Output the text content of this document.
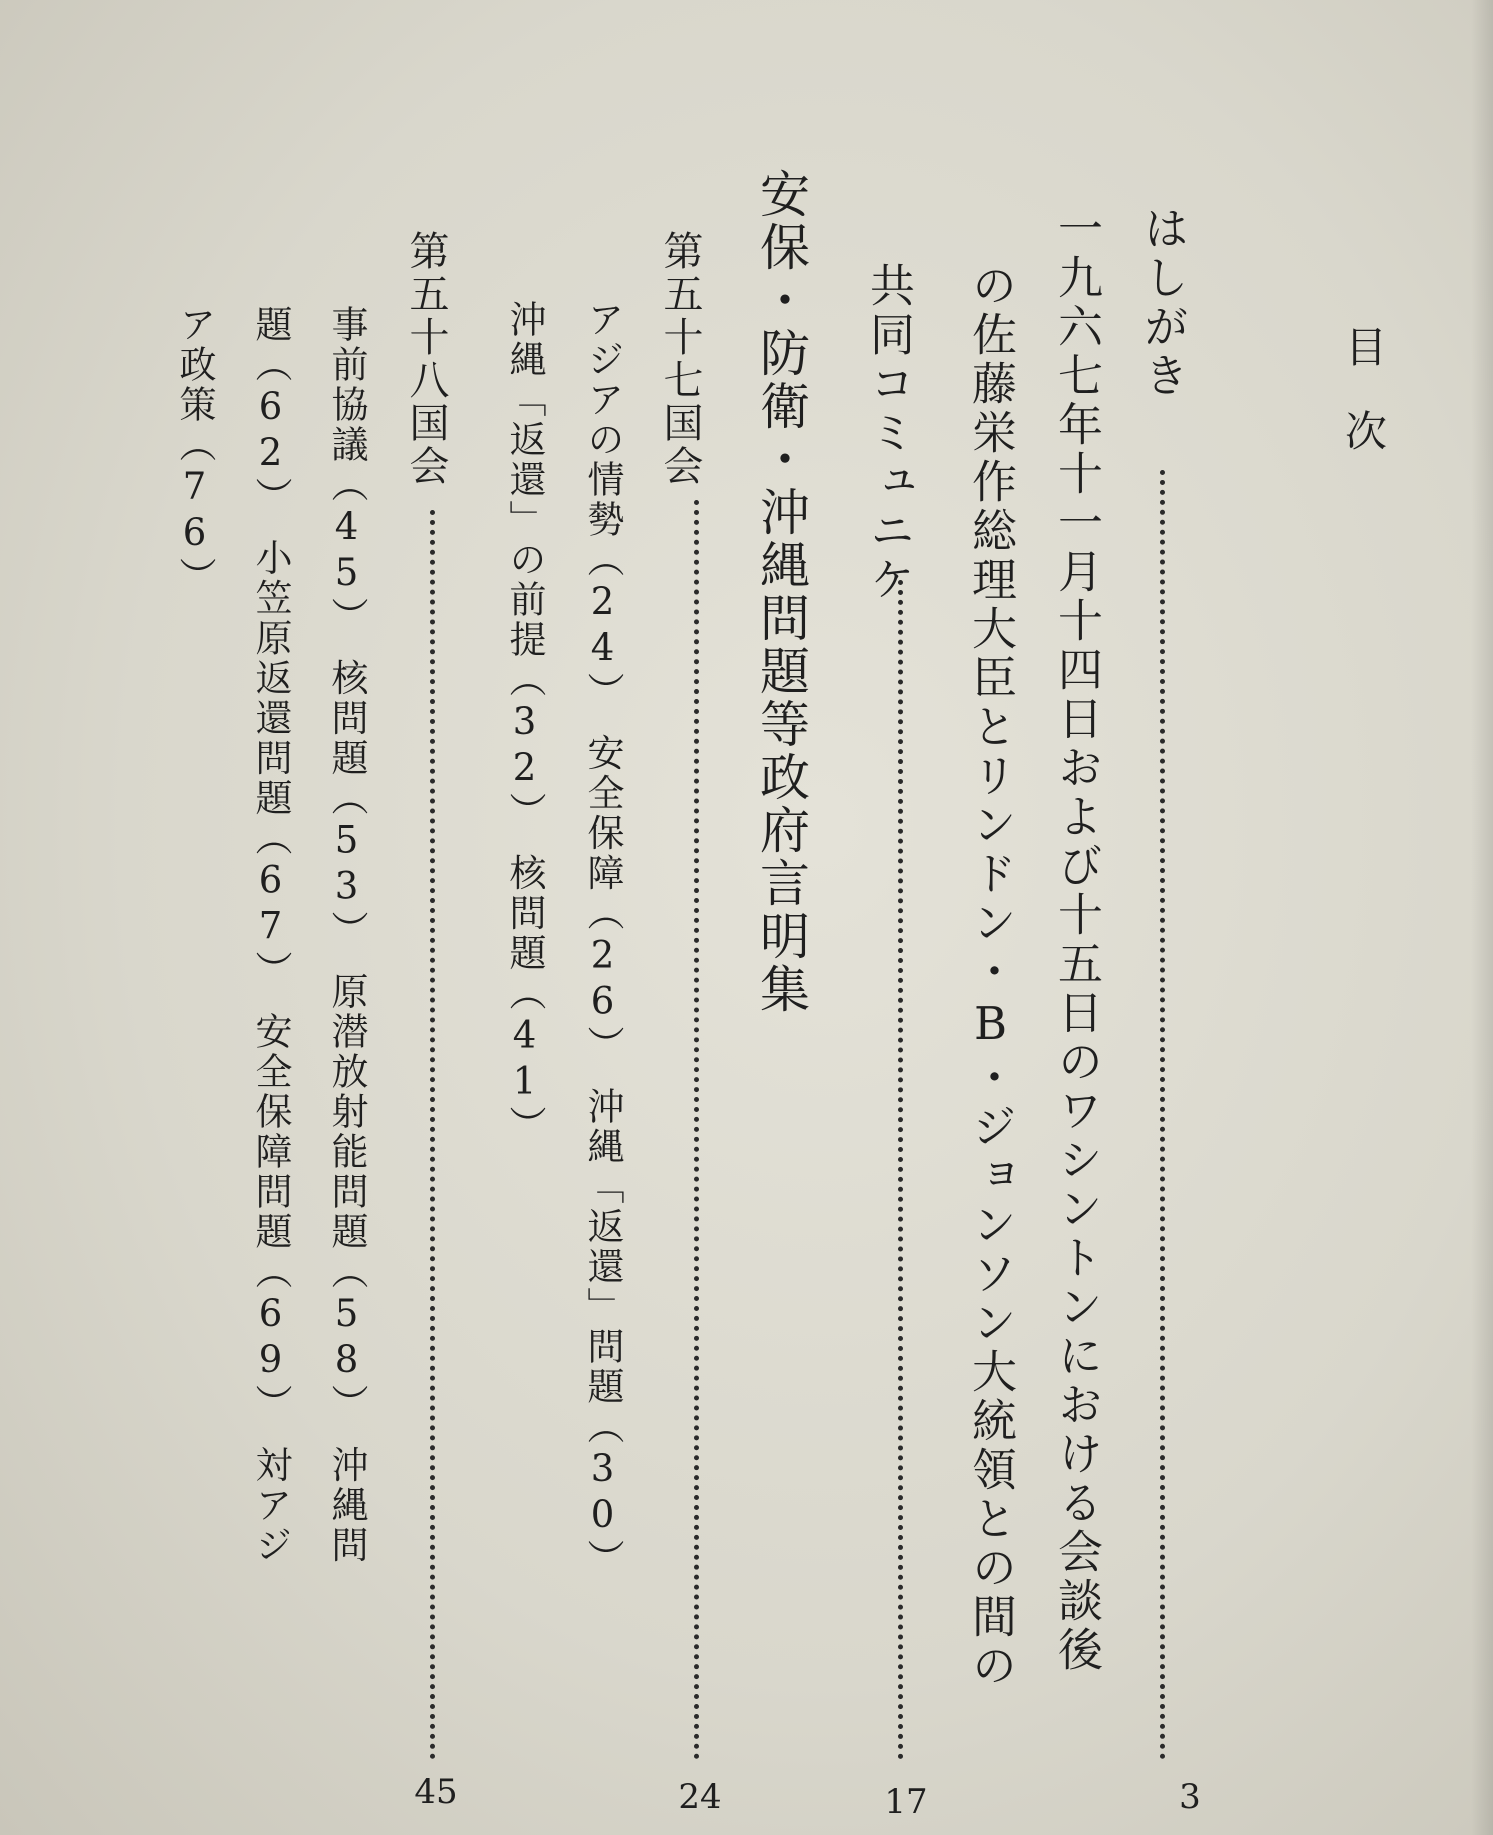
目次
はしがき
3
一九六七年十一月十四日および十五日のワシントンにおける会談後
の佐藤栄作総理大臣とリンドン・B・ジョンソン大統領との間の
共同コミュニケ
17
安保・防衛・沖縄問題等政府言明集
第五十七国会
24
アジアの情勢（24）　安全保障（26）　沖縄「返還」問題（30）
沖縄「返還」の前提（32）　核問題（41）
第五十八国会
45
事前協議（45）　核問題（53）　原潜放射能問題（58）　沖縄問
題（62）　小笠原返還問題（67）　安全保障問題（69）　対アジ
ア政策（76）
